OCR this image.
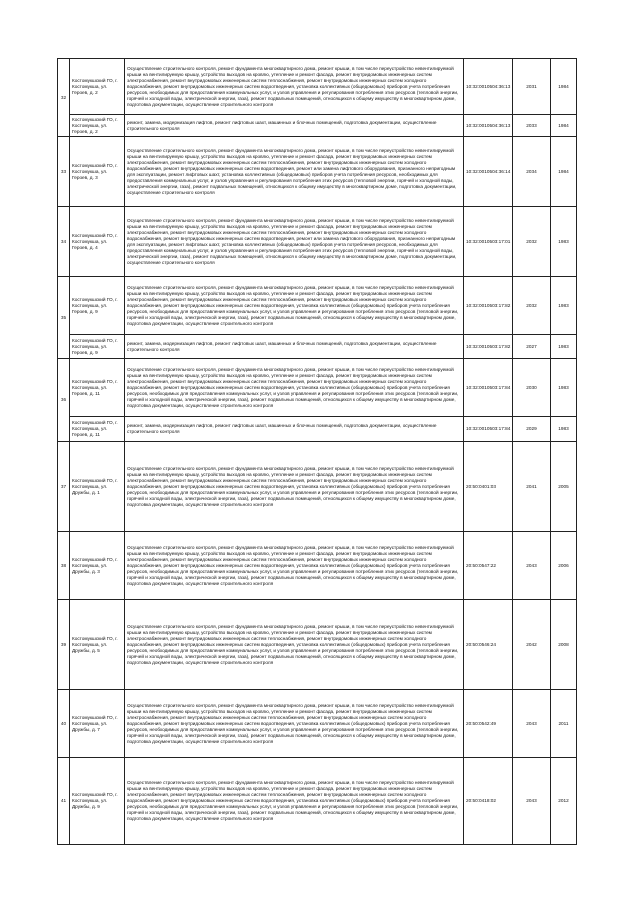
32	Костомукшский ГО, г. Костомукша, ул. Героев, д. 2	Осуществление строительного контроля, ремонт фундамента многоквартирного дома, ремонт крыши, в том числе переустройство невентилируемой крыши на вентилируемую крышу, устройство выходов на кровлю, утепление и ремонт фасада, ремонт внутридомовых инженерных систем электроснабжения, ремонт внутридомовых инженерных систем теплоснабжения, ремонт внутридомовых инженерных систем холодного водоснабжения, ремонт внутридомовых инженерных систем водоотведения, установка коллективных (общедомовых) приборов учета потребления ресурсов, необходимых для предоставления коммунальных услуг, и узлов управления и регулирования потребления этих ресурсов (тепловой энергии, горячей и холодной воды, электрической энергии, газа), ремонт подвальных помещений, относящихся к общему имуществу в многоквартирном доме, подготовка документации, осуществление строительного контроля	10:32:0010504:36:13	2031	1984
	Костомукшский ГО, г. Костомукша, ул. Героев, д. 2	ремонт, замена, модернизация лифтов, ремонт лифтовых шахт, машинных и блочных помещений, подготовка документации, осуществление строительного контроля	10:32:0010504:36:13	2033	1984
33	Костомукшский ГО, г. Костомукша, ул. Героев, д. 3	Осуществление строительного контроля, ремонт фундамента многоквартирного дома, ремонт крыши, в том числе переустройство невентилируемой крыши на вентилируемую крышу, устройство выходов на кровлю, утепление и ремонт фасада, ремонт внутридомовых инженерных систем электроснабжения, ремонт внутридомовых инженерных систем теплоснабжения, ремонт внутридомовых инженерных систем холодного водоснабжения, ремонт внутридомовых инженерных систем водоотведения, ремонт или замена лифтового оборудования, признанного непригодным для эксплуатации, ремонт лифтовых шахт, установка коллективных (общедомовых) приборов учета потребления ресурсов, необходимых для предоставления коммунальных услуг, и узлов управления и регулирования потребления этих ресурсов (тепловой энергии, горячей и холодной воды, электрической энергии, газа), ремонт подвальных помещений, относящихся к общему имуществу в многоквартирном доме, подготовка документации, осуществление строительного контроля	10:32:0010504:36:14	2034	1984
34	Костомукшский ГО, г. Костомукша, ул. Героев, д. 4	Осуществление строительного контроля, ремонт фундамента многоквартирного дома, ремонт крыши, в том числе переустройство невентилируемой крыши на вентилируемую крышу, устройство выходов на кровлю, утепление и ремонт фасада, ремонт внутридомовых инженерных систем электроснабжения, ремонт внутридомовых инженерных систем теплоснабжения, ремонт внутридомовых инженерных систем холодного водоснабжения, ремонт внутридомовых инженерных систем водоотведения, ремонт или замена лифтового оборудования, признанного непригодным для эксплуатации, ремонт лифтовых шахт, установка коллективных (общедомовых) приборов учета потребления ресурсов, необходимых для предоставления коммунальных услуг, и узлов управления и регулирования потребления этих ресурсов (тепловой энергии, горячей и холодной воды, электрической энергии, газа), ремонт подвальных помещений, относящихся к общему имуществу в многоквартирном доме, подготовка документации, осуществление строительного контроля	10:32:0010503:17:01	2032	1983
35	Костомукшский ГО, г. Костомукша, ул. Героев, д. 9	Осуществление строительного контроля, ремонт фундамента многоквартирного дома, ремонт крыши, в том числе переустройство невентилируемой крыши на вентилируемую крышу, устройство выходов на кровлю, утепление и ремонт фасада, ремонт внутридомовых инженерных систем электроснабжения, ремонт внутридомовых инженерных систем теплоснабжения, ремонт внутридомовых инженерных систем холодного водоснабжения, ремонт внутридомовых инженерных систем водоотведения, установка коллективных (общедомовых) приборов учета потребления ресурсов, необходимых для предоставления коммунальных услуг, и узлов управления и регулирования потребления этих ресурсов (тепловой энергии, горячей и холодной воды, электрической энергии, газа), ремонт подвальных помещений, относящихся к общему имуществу в многоквартирном доме, подготовка документации, осуществление строительного контроля	10:32:0010503:17:82	2032	1983
	Костомукшский ГО, г. Костомукша, ул. Героев, д. 9	ремонт, замена, модернизация лифтов, ремонт лифтовых шахт, машинных и блочных помещений, подготовка документации, осуществление строительного контроля	10:32:0010503:17:82	2027	1983
36	Костомукшский ГО, г. Костомукша, ул. Героев, д. 11	Осуществление строительного контроля, ремонт фундамента многоквартирного дома, ремонт крыши, в том числе переустройство невентилируемой крыши на вентилируемую крышу, устройство выходов на кровлю, утепление и ремонт фасада, ремонт внутридомовых инженерных систем электроснабжения, ремонт внутридомовых инженерных систем теплоснабжения, ремонт внутридомовых инженерных систем холодного водоснабжения, ремонт внутридомовых инженерных систем водоотведения, установка коллективных (общедомовых) приборов учета потребления ресурсов, необходимых для предоставления коммунальных услуг, и узлов управления и регулирования потребления этих ресурсов (тепловой энергии, горячей и холодной воды, электрической энергии, газа), ремонт подвальных помещений, относящихся к общему имуществу в многоквартирном доме, подготовка документации, осуществление строительного контроля	10:32:0010503:17:84	2030	1983
	Костомукшский ГО, г. Костомукша, ул. Героев, д. 11	ремонт, замена, модернизация лифтов, ремонт лифтовых шахт, машинных и блочных помещений, подготовка документации, осуществление строительного контроля	10:32:0010503:17:84	2029	1983
37	Костомукшский ГО, г. Костомукша, ул. Дружбы, д. 1	Осуществление строительного контроля, ремонт фундамента многоквартирного дома, ремонт крыши, в том числе переустройство невентилируемой крыши на вентилируемую крышу, устройство выходов на кровлю, утепление и ремонт фасада, ремонт внутридомовых инженерных систем электроснабжения, ремонт внутридомовых инженерных систем теплоснабжения, ремонт внутридомовых инженерных систем холодного водоснабжения, ремонт внутридомовых инженерных систем водоотведения, установка коллективных (общедомовых) приборов учета потребления ресурсов, необходимых для предоставления коммунальных услуг, и узлов управления и регулирования потребления этих ресурсов (тепловой энергии, горячей и холодной воды, электрической энергии, газа), ремонт подвальных помещений, относящихся к общему имуществу в многоквартирном доме, подготовка документации, осуществление строительного контроля	20:50:0401:03	2041	2005
38	Костомукшский ГО, г. Костомукша, ул. Дружбы, д. 3	Осуществление строительного контроля, ремонт фундамента многоквартирного дома, ремонт крыши, в том числе переустройство невентилируемой крыши на вентилируемую крышу, устройство выходов на кровлю, утепление и ремонт фасада, ремонт внутридомовых инженерных систем электроснабжения, ремонт внутридомовых инженерных систем теплоснабжения, ремонт внутридомовых инженерных систем холодного водоснабжения, ремонт внутридомовых инженерных систем водоотведения, установка коллективных (общедомовых) приборов учета потребления ресурсов, необходимых для предоставления коммунальных услуг, и узлов управления и регулирования потребления этих ресурсов (тепловой энергии, горячей и холодной воды, электрической энергии, газа), ремонт подвальных помещений, относящихся к общему имуществу в многоквартирном доме, подготовка документации, осуществление строительного контроля	20:50:0547:22	2043	2006
39	Костомукшский ГО, г. Костомукша, ул. Дружбы, д. 5	Осуществление строительного контроля, ремонт фундамента многоквартирного дома, ремонт крыши, в том числе переустройство невентилируемой крыши на вентилируемую крышу, устройство выходов на кровлю, утепление и ремонт фасада, ремонт внутридомовых инженерных систем электроснабжения, ремонт внутридомовых инженерных систем теплоснабжения, ремонт внутридомовых инженерных систем холодного водоснабжения, ремонт внутридомовых инженерных систем водоотведения, установка коллективных (общедомовых) приборов учета потребления ресурсов, необходимых для предоставления коммунальных услуг, и узлов управления и регулирования потребления этих ресурсов (тепловой энергии, горячей и холодной воды, электрической энергии, газа), ремонт подвальных помещений, относящихся к общему имуществу в многоквартирном доме, подготовка документации, осуществление строительного контроля	20:50:0546:24	2042	2008
40	Костомукшский ГО, г. Костомукша, ул. Дружбы, д. 7	Осуществление строительного контроля, ремонт фундамента многоквартирного дома, ремонт крыши, в том числе переустройство невентилируемой крыши на вентилируемую крышу, устройство выходов на кровлю, утепление и ремонт фасада, ремонт внутридомовых инженерных систем электроснабжения, ремонт внутридомовых инженерных систем теплоснабжения, ремонт внутридомовых инженерных систем холодного водоснабжения, ремонт внутридомовых инженерных систем водоотведения, установка коллективных (общедомовых) приборов учета потребления ресурсов, необходимых для предоставления коммунальных услуг, и узлов управления и регулирования потребления этих ресурсов (тепловой энергии, горячей и холодной воды, электрической энергии, газа), ремонт подвальных помещений, относящихся к общему имуществу в многоквартирном доме, подготовка документации, осуществление строительного контроля	20:50:0542:49	2043	2011
41	Костомукшский ГО, г. Костомукша, ул. Дружбы, д. 9	Осуществление строительного контроля, ремонт фундамента многоквартирного дома, ремонт крыши, в том числе переустройство невентилируемой крыши на вентилируемую крышу, устройство выходов на кровлю, утепление и ремонт фасада, ремонт внутридомовых инженерных систем электроснабжения, ремонт внутридомовых инженерных систем теплоснабжения, ремонт внутридомовых инженерных систем холодного водоснабжения, ремонт внутридомовых инженерных систем водоотведения, установка коллективных (общедомовых) приборов учета потребления ресурсов, необходимых для предоставления коммунальных услуг, и узлов управления и регулирования потребления этих ресурсов (тепловой энергии, горячей и холодной воды, электрической энергии, газа), ремонт подвальных помещений, относящихся к общему имуществу в многоквартирном доме, подготовка документации, осуществление строительного контроля	20:50:0418:02	2043	2012
